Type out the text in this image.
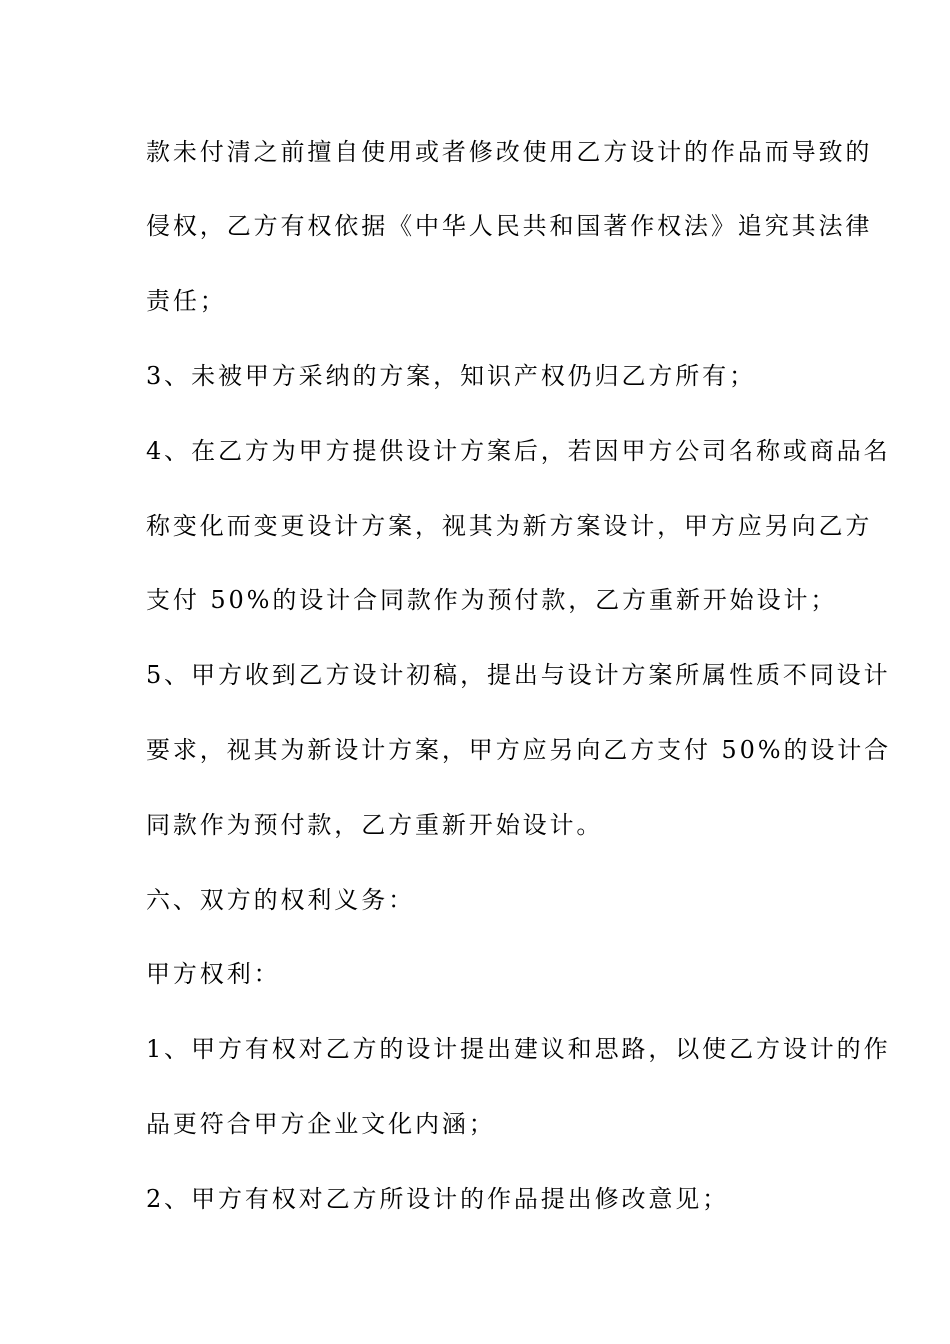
款未付清之前擅自使用或者修改使用乙方设计的作品而导致的
侵权，乙方有权依据《中华人民共和国著作权法》追究其法律
责任；
3、未被甲方采纳的方案，知识产权仍归乙方所有；
4、在乙方为甲方提供设计方案后，若因甲方公司名称或商品名
称变化而变更设计方案，视其为新方案设计，甲方应另向乙方
支付 50%的设计合同款作为预付款，乙方重新开始设计；
5、甲方收到乙方设计初稿，提出与设计方案所属性质不同设计
要求，视其为新设计方案，甲方应另向乙方支付 50%的设计合
同款作为预付款，乙方重新开始设计。
六、双方的权利义务：
甲方权利：
1、甲方有权对乙方的设计提出建议和思路，以使乙方设计的作
品更符合甲方企业文化内涵；
2、甲方有权对乙方所设计的作品提出修改意见；
